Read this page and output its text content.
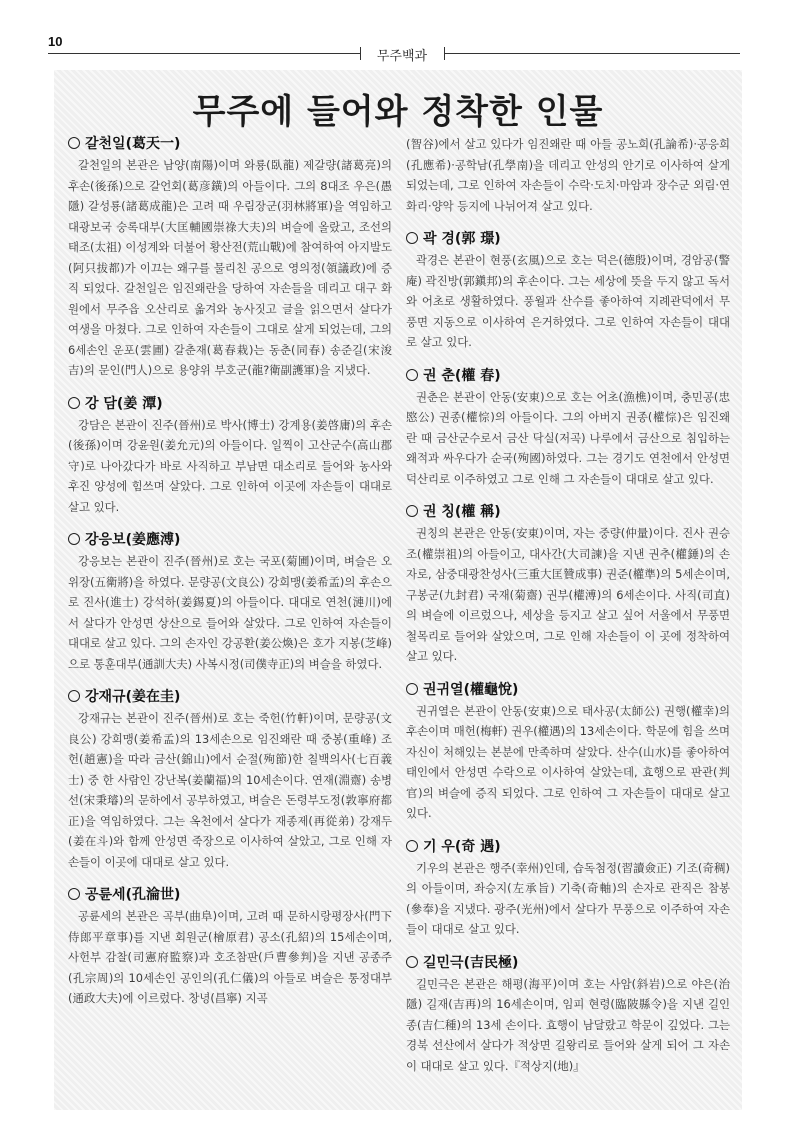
10
무주백과
무주에 들어와 정착한 인물
갈천일(葛天一)
갈천일의 본관은 남양(南陽)이며 와룡(臥龍) 제갈량(諸葛亮)의 후손(後孫)으로 갈언회(葛彦鐄)의 아들이다. 그의 8대조 우은(愚隱) 갈성룡(諸葛成龍)은 고려 때 우림장군(羽林將軍)을 역임하고 대광보국 숭록대부(大匡輔國崇祿大夫)의 벼슬에 올랐고, 조선의 태조(太祖) 이성계와 더불어 황산전(荒山戰)에 참여하여 아지발도(阿只拔都)가 이끄는 왜구를 물리친 공으로 영의정(領議政)에 증직 되었다. 갈천일은 임진왜란을 당하여 자손들을 데리고 대구 화원에서 무주읍 오산리로 옮겨와 농사짓고 글을 읽으면서 살다가 여생을 마쳤다. 그로 인하여 자손들이 그대로 살게 되었는데, 그의 6세손인 운포(雲圃) 갈춘재(葛春栽)는 동춘(同春) 송준길(宋浚吉)의 문인(門人)으로 용양위 부호군(龍?衛副護軍)을 지냈다.
강 담(姜 潭)
강담은 본관이 진주(晉州)로 박사(博士) 강계용(姜啓庸)의 후손(後孫)이며 강윤원(姜允元)의 아들이다. 일찍이 고산군수(高山郡守)로 나아갔다가 바로 사직하고 부남면 대소리로 들어와 농사와 후진 양성에 힘쓰며 살았다. 그로 인하여 이곳에 자손들이 대대로 살고 있다.
강응보(姜應溥)
강응보는 본관이 진주(晉州)로 호는 국포(菊圃)이며, 벼슬은 오위장(五衛將)을 하였다. 문량공(文良公) 강희맹(姜希孟)의 후손으로 진사(進士) 강석하(姜錫夏)의 아들이다. 대대로 연천(漣川)에서 살다가 안성면 상산으로 들어와 살았다. 그로 인하여 자손들이 대대로 살고 있다. 그의 손자인 강공환(姜公煥)은 호가 지봉(芝峰)으로 통훈대부(通訓大夫) 사복시정(司僕寺正)의 벼슬을 하였다.
강재규(姜在圭)
강재규는 본관이 진주(晉州)로 호는 죽헌(竹軒)이며, 문량공(文良公) 강희맹(姜希孟)의 13세손으로 임진왜란 때 중봉(重峰) 조헌(趙憲)을 따라 금산(錦山)에서 순절(殉節)한 칠백의사(七百義士) 중 한 사람인 강난복(姜蘭福)의 10세손이다. 연재(淵齋) 송병선(宋秉璿)의 문하에서 공부하였고, 벼슬은 돈령부도정(敦寧府都正)을 역임하였다. 그는 옥천에서 살다가 재종제(再從弟) 강재두(姜在斗)와 함께 안성면 죽장으로 이사하여 살았고, 그로 인해 자손들이 이곳에 대대로 살고 있다.
공륜세(孔淪世)
공륜세의 본관은 곡부(曲阜)이며, 고려 때 문하시랑평장사(門下侍郎平章事)를 지낸 회원군(檜原君) 공소(孔紹)의 15세손이며, 사헌부 감찰(司憲府監察)과 호조참판(戶曹參判)을 지낸 공종주(孔宗周)의 10세손인 공인의(孔仁儀)의 아들로 벼슬은 통정대부(通政大夫)에 이르렀다. 창녕(昌寧) 지곡
(智谷)에서 살고 있다가 임진왜란 때 아들 공노희(孔論希)·공응희(孔應希)·공학남(孔學南)을 데리고 안성의 안기로 이사하여 살게 되었는데, 그로 인하여 자손들이 수락·도치·마암과 장수군 외림·연화리·양악 등지에 나뉘어져 살고 있다.
곽 경(郭 璟)
곽경은 본관이 현풍(玄風)으로 호는 덕은(德殷)이며, 경암공(警庵) 곽진방(郭鎭邦)의 후손이다. 그는 세상에 뜻을 두지 않고 독서와 어초로 생활하였다. 풍월과 산수를 좋아하여 지례관덕에서 무풍면 지동으로 이사하여 은거하였다. 그로 인하여 자손들이 대대로 살고 있다.
권 춘(權 春)
권춘은 본관이 안동(安東)으로 호는 어초(漁樵)이며, 충민공(忠愍公) 권종(權悰)의 아들이다. 그의 아버지 권종(權悰)은 임진왜란 때 금산군수로서 금산 닥실(저곡) 나루에서 금산으로 침입하는 왜적과 싸우다가 순국(殉國)하였다. 그는 경기도 연천에서 안성면 덕산리로 이주하였고 그로 인해 그 자손들이 대대로 살고 있다.
권 칭(權 稱)
권칭의 본관은 안동(安東)이며, 자는 중량(仲量)이다. 진사 권승조(權崇祖)의 아들이고, 대사간(大司諫)을 지낸 권추(權錘)의 손자로, 삼중대광찬성사(三重大匡贊成事) 권준(權準)의 5세손이며, 구봉군(九封君) 국재(菊齋) 권부(權溥)의 6세손이다. 사직(司直)의 벼슬에 이르렀으나, 세상을 등지고 살고 싶어 서울에서 무풍면 철목리로 들어와 살았으며, 그로 인해 자손들이 이 곳에 정착하여 살고 있다.
권귀열(權龜悅)
권귀열은 본관이 안동(安東)으로 태사공(太師公) 권행(權幸)의 후손이며 매헌(梅軒) 권우(權遇)의 13세손이다. 학문에 힘을 쓰며 자신이 처해있는 본분에 만족하며 살았다. 산수(山水)를 좋아하여 태인에서 안성면 수락으로 이사하여 살았는데, 효행으로 판관(判官)의 벼슬에 증직 되었다. 그로 인하여 그 자손들이 대대로 살고 있다.
기 우(奇 遇)
기우의 본관은 행주(幸州)인데, 습독첨정(習讀僉正) 기조(奇稠)의 아들이며, 좌승지(左承旨) 기축(奇軸)의 손자로 관직은 참봉(參奉)을 지냈다. 광주(光州)에서 살다가 무풍으로 이주하여 자손들이 대대로 살고 있다.
길민극(吉民極)
길민극은 본관은 해평(海平)이며 호는 사암(斜岩)으로 야은(治隱) 길재(吉再)의 16세손이며, 임피 현령(臨陂縣令)을 지낸 길인종(吉仁種)의 13세 손이다. 효행이 남달랐고 학문이 깊었다. 그는 경북 선산에서 살다가 적상면 길왕리로 들어와 살게 되어 그 자손이 대대로 살고 있다.『적상지(地)』
